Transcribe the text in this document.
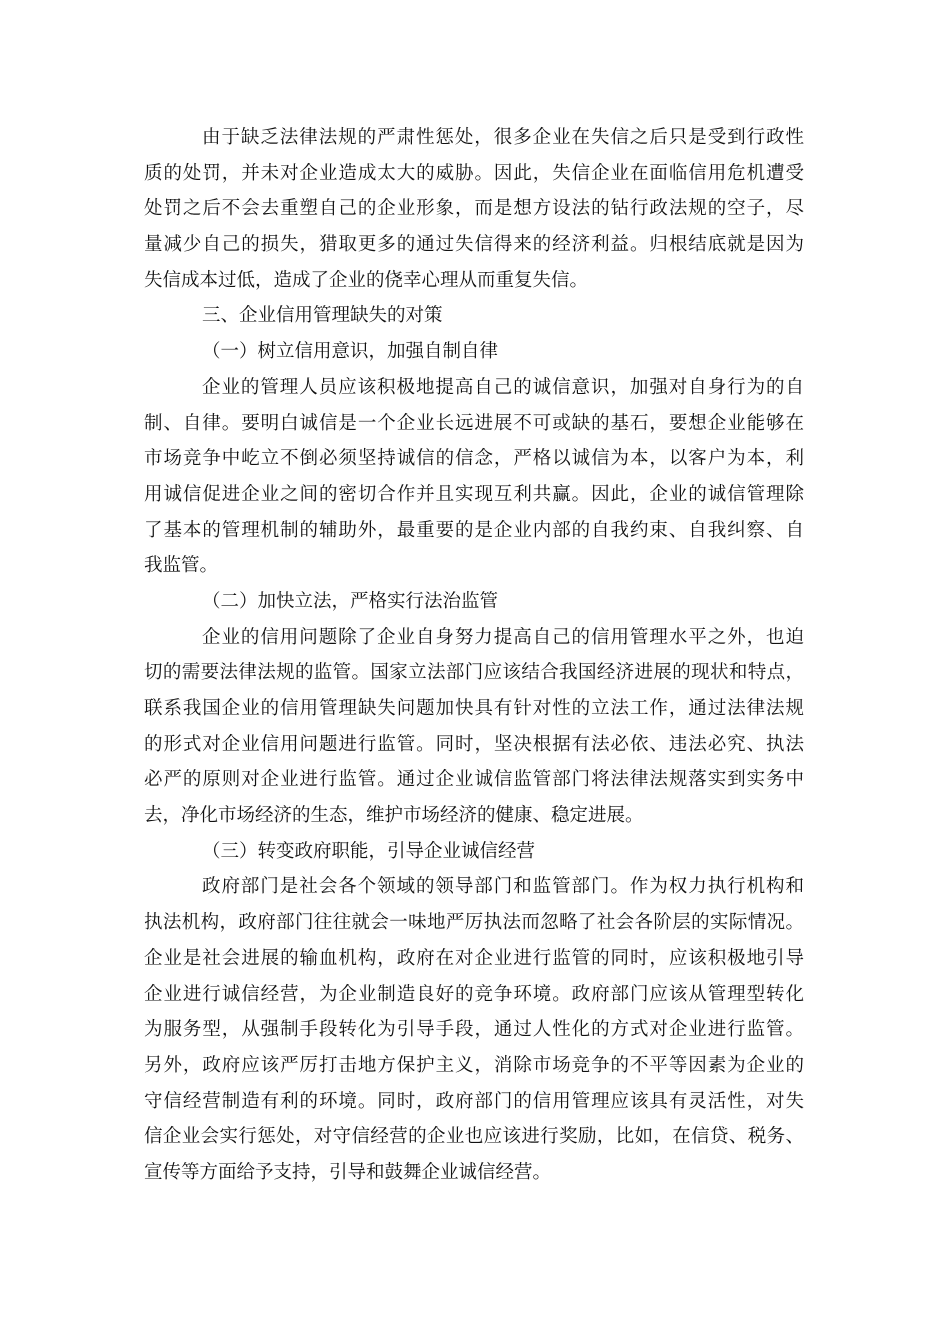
由于缺乏法律法规的严肃性惩处，很多企业在失信之后只是受到行政性
质的处罚，并未对企业造成太大的威胁。因此，失信企业在面临信用危机遭受
处罚之后不会去重塑自己的企业形象，而是想方设法的钻行政法规的空子，尽
量减少自己的损失，猎取更多的通过失信得来的经济利益。归根结底就是因为
失信成本过低，造成了企业的侥幸心理从而重复失信。
三、企业信用管理缺失的对策
（一）树立信用意识，加强自制自律
企业的管理人员应该积极地提高自己的诚信意识，加强对自身行为的自
制、自律。要明白诚信是一个企业长远进展不可或缺的基石，要想企业能够在
市场竞争中屹立不倒必须坚持诚信的信念，严格以诚信为本，以客户为本，利
用诚信促进企业之间的密切合作并且实现互利共赢。因此，企业的诚信管理除
了基本的管理机制的辅助外，最重要的是企业内部的自我约束、自我纠察、自
我监管。
（二）加快立法，严格实行法治监管
企业的信用问题除了企业自身努力提高自己的信用管理水平之外，也迫
切的需要法律法规的监管。国家立法部门应该结合我国经济进展的现状和特点，
联系我国企业的信用管理缺失问题加快具有针对性的立法工作，通过法律法规
的形式对企业信用问题进行监管。同时，坚决根据有法必依、违法必究、执法
必严的原则对企业进行监管。通过企业诚信监管部门将法律法规落实到实务中
去，净化市场经济的生态，维护市场经济的健康、稳定进展。
（三）转变政府职能，引导企业诚信经营
政府部门是社会各个领域的领导部门和监管部门。作为权力执行机构和
执法机构，政府部门往往就会一味地严厉执法而忽略了社会各阶层的实际情况。
企业是社会进展的输血机构，政府在对企业进行监管的同时，应该积极地引导
企业进行诚信经营，为企业制造良好的竞争环境。政府部门应该从管理型转化
为服务型，从强制手段转化为引导手段，通过人性化的方式对企业进行监管。
另外，政府应该严厉打击地方保护主义，消除市场竞争的不平等因素为企业的
守信经营制造有利的环境。同时，政府部门的信用管理应该具有灵活性，对失
信企业会实行惩处，对守信经营的企业也应该进行奖励，比如，在信贷、税务、
宣传等方面给予支持，引导和鼓舞企业诚信经营。
